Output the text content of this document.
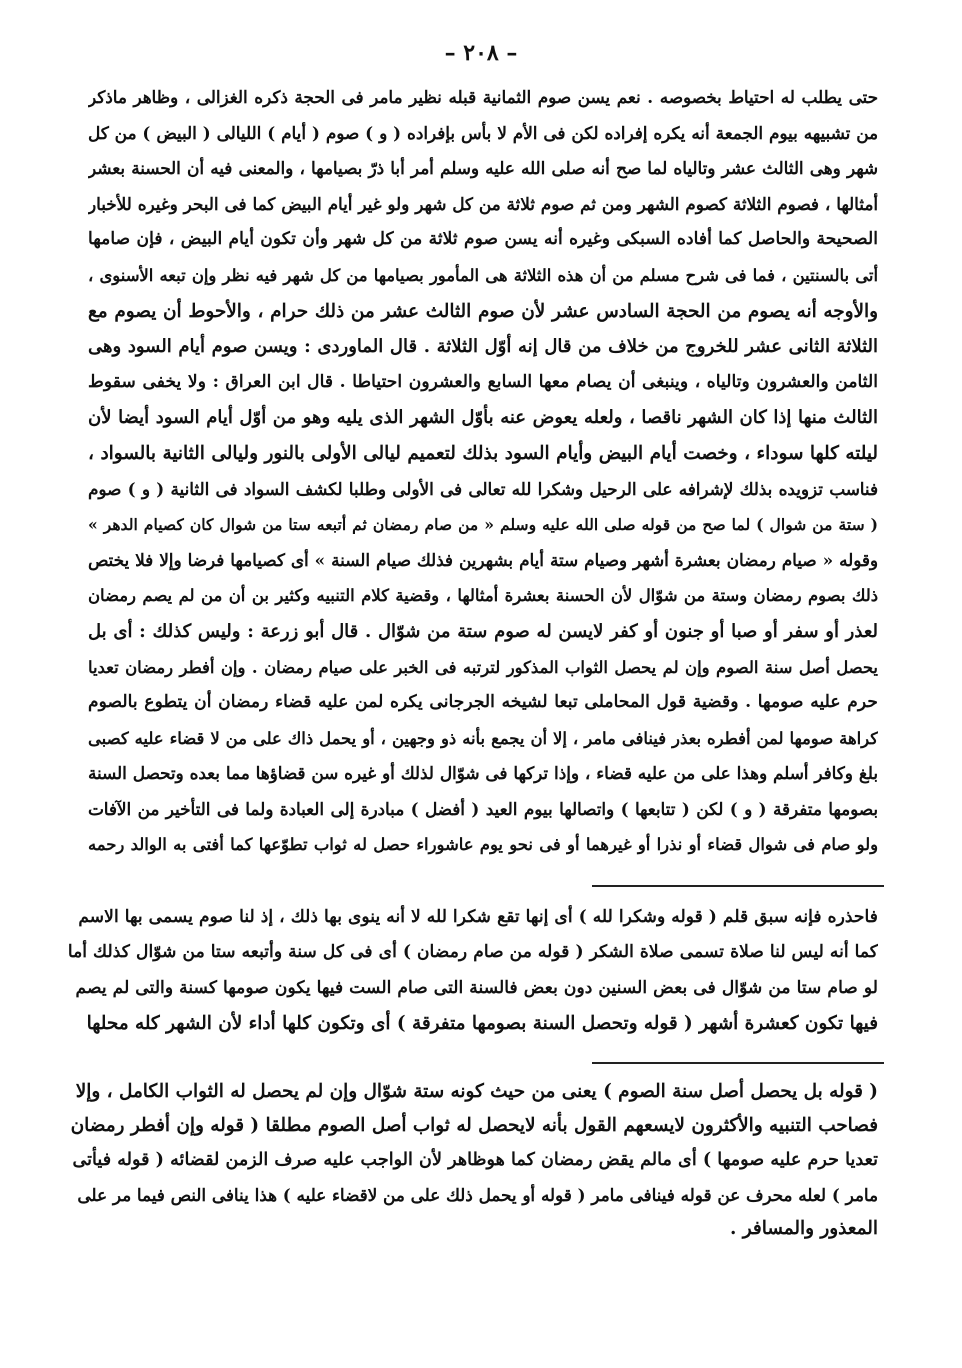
– ٢٠٨ –
حتى يطلب له احتياط بخصوصه . نعم يسن صوم الثمانية قبله نظير مامر فى الحجة ذكره الغزالى ، وظاهر ماذكر
من تشبيهه بيوم الجمعة أنه يكره إفراده لكن فى الأم لا بأس بإفراده ( و ) صوم ( أيام ) الليالى ( البيض ) من كل
شهر وهى الثالث عشر وتالياه لما صح أنه صلى الله عليه وسلم أمر أبا ذرّ بصيامها ، والمعنى فيه أن الحسنة بعشر
أمثالها ، فصوم الثلاثة كصوم الشهر ومن ثم صوم ثلاثة من كل شهر ولو غير أيام البيض كما فى البحر وغيره للأخبار
الصحيحة والحاصل كما أفاده السبكى وغيره أنه يسن صوم ثلاثة من كل شهر وأن تكون أيام البيض ، فإن صامها
أتى بالسنتين ، فما فى شرح مسلم من أن هذه الثلاثة هى المأمور بصيامها من كل شهر فيه نظر وإن تبعه الأسنوى ،
والأوجه أنه يصوم من الحجة السادس عشر لأن صوم الثالث عشر من ذلك حرام ، والأحوط أن يصوم مع
الثلاثة الثانى عشر للخروج من خلاف من قال إنه أوّل الثلاثة . قال الماوردى : ويسن صوم أيام السود وهى
الثامن والعشرون وتالياه ، وينبغى أن يصام معها السابع والعشرون احتياطا . قال ابن العراق : ولا يخفى سقوط
الثالث منها إذا كان الشهر ناقصا ، ولعله يعوض عنه بأوّل الشهر الذى يليه وهو من أوّل أيام السود أيضا لأن
ليلته كلها سوداء ، وخصت أيام البيض وأيام السود بذلك لتعميم ليالى الأولى بالنور وليالى الثانية بالسواد ،
فناسب تزويده بذلك لإشرافه على الرحيل وشكرا لله تعالى فى الأولى وطلبا لكشف السواد فى الثانية ( و ) صوم
( ستة من شوال ) لما صح من قوله صلى الله عليه وسلم « من صام رمضان ثم أتبعه ستا من شوال كان كصيام الدهر »
وقوله « صيام رمضان بعشرة أشهر وصيام ستة أيام بشهرين فذلك صيام السنة » أى كصيامها فرضا وإلا فلا يختص
ذلك بصوم رمضان وستة من شوّال لأن الحسنة بعشرة أمثالها ، وقضية كلام التنبيه وكثير بن أن من لم يصم رمضان
لعذر أو سفر أو صبا أو جنون أو كفر لايسن له صوم ستة من شوّال . قال أبو زرعة : وليس كذلك : أى بل
يحصل أصل سنة الصوم وإن لم يحصل الثواب المذكور لترتبه فى الخبر على صيام رمضان . وإن أفطر رمضان تعديا
حرم عليه صومها . وقضية قول المحاملى تبعا لشيخه الجرجانى يكره لمن عليه قضاء رمضان أن يتطوع بالصوم
كراهة صومها لمن أفطره بعذر فينافى مامر ، إلا أن يجمع بأنه ذو وجهين ، أو يحمل ذاك على من لا قضاء عليه كصبى
بلغ وكافر أسلم وهذا على من عليه قضاء ، وإذا تركها فى شوّال لذلك أو غيره سن قضاؤها مما بعده وتحصل السنة
بصومها متفرقة ( و ) لكن ( تتابعها ) واتصالها بيوم العيد ( أفضل ) مبادرة إلى العبادة ولما فى التأخير من الآفات
ولو صام فى شوال قضاء أو نذرا أو غيرهما أو فى نحو يوم عاشوراء حصل له ثواب تطوّعها كما أفتى به الوالد رحمه
فاحذره فإنه سبق قلم ( قوله وشكرا لله ) أى إنها تقع شكرا لله لا أنه ينوى بها ذلك ، إذ لنا صوم يسمى بها الاسم
كما أنه ليس لنا صلاة تسمى صلاة الشكر ( قوله من صام رمضان ) أى فى كل سنة وأتبعه ستا من شوّال كذلك أما
لو صام ستا من شوّال فى بعض السنين دون بعض فالسنة التى صام الست فيها يكون صومها كسنة والتى لم يصم
فيها تكون كعشرة أشهر ( قوله وتحصل السنة بصومها متفرقة ) أى وتكون كلها أداء لأن الشهر كله محلها
( قوله بل يحصل أصل سنة الصوم ) يعنى من حيث كونه ستة شوّال وإن لم يحصل له الثواب الكامل ، وإلا
فصاحب التنبيه والأكثرون لايسعهم القول بأنه لايحصل له ثواب أصل الصوم مطلقا ( قوله وإن أفطر رمضان
تعديا حرم عليه صومها ) أى مالم يقض رمضان كما هوظاهر لأن الواجب عليه صرف الزمن لقضائه ( قوله فيأتى
مامر ) لعله محرف عن قوله فينافى مامر ( قوله أو يحمل ذلك على من لاقضاء عليه ) هذا ينافى النص فيما مر على
المعذور والمسافر .
